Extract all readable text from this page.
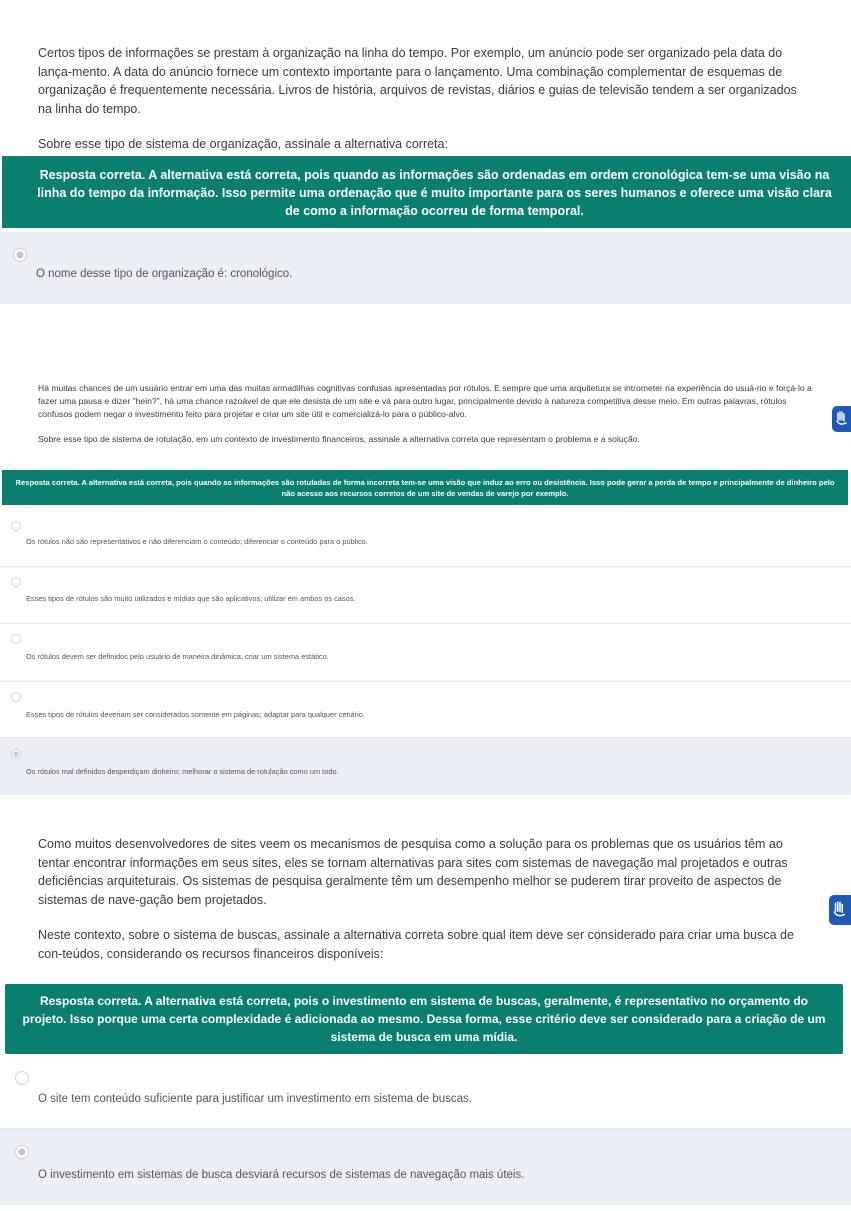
Certos tipos de informações se prestam à organização na linha do tempo. Por exemplo, um anúncio pode ser organizado pela data do lança-mento. A data do anúncio fornece um contexto importante para o lançamento. Uma combinação complementar de esquemas de organização é frequentemente necessária. Livros de história, arquivos de revistas, diários e guias de televisão tendem a ser organizados na linha do tempo.

Sobre esse tipo de sistema de organização, assinale a alternativa correta:

Resposta correta. A alternativa está correta, pois quando as informações são ordenadas em ordem cronológica tem-se uma visão na linha do tempo da informação. Isso permite uma ordenação que é muito importante para os seres humanos e oferece uma visão clara de como a informação ocorreu de forma temporal.
O nome desse tipo de organização é: cronológico.

Há muitas chances de um usuário entrar em uma das muitas armadilhas cognitivas confusas apresentadas por rótulos. E sempre que uma arquitetura se intrometer na experiência do usuá-rio e forçá-lo a fazer uma pausa e dizer "hein?", há uma chance razoável de que ele desista de um site e vá para outro lugar, principalmente devido à natureza competitiva desse meio. Em outras palavras, rótulos confusos podem negar o investimento feito para projetar e criar um site útil e comercializá-lo para o público-alvo.

Sobre esse tipo de sistema de rotulação, em um contexto de investimento financeiros, assinale a alternativa correta que representam o problema e a solução.

Resposta correta. A alternativa está correta, pois quando as informações são rotuladas de forma incorreta tem-se uma visão que induz ao erro ou desistência. Isso pode gerar a perda de tempo e principalmente de dinheiro pelo não acesso aos recursos corretos de um site de vendas de varejo por exemplo.
Os rótulos não são representativos e não diferenciam o conteúdo; diferenciar o conteúdo para o público.
Esses tipos de rótulos são muito utilizados e mídias que são aplicativos; utilizar em ambos os casos.
Os rótulos devem ser definidos pelo usuário de maneira dinâmica; criar um sistema estático.
Esses tipos de rótulos deveriam ser considerados somente em páginas; adaptar para qualquer cenário.
Os rótulos mal definidos desperdiçam dinheiro; melhorar o sistema de rotulação como um todo.

Como muitos desenvolvedores de sites veem os mecanismos de pesquisa como a solução para os problemas que os usuários têm ao tentar encontrar informações em seus sites, eles se tornam alternativas para sites com sistemas de navegação mal projetados e outras deficiências arquiteturais. Os sistemas de pesquisa geralmente têm um desempenho melhor se puderem tirar proveito de aspectos de sistemas de nave-gação bem projetados.

Neste contexto, sobre o sistema de buscas, assinale a alternativa correta sobre qual item deve ser considerado para criar uma busca de con-teúdos, considerando os recursos financeiros disponíveis:

Resposta correta. A alternativa está correta, pois o investimento em sistema de buscas, geralmente, é representativo no orçamento do projeto. Isso porque uma certa complexidade é adicionada ao mesmo. Dessa forma, esse critério deve ser considerado para a criação de um sistema de busca em uma mídia.
O site tem conteúdo suficiente para justificar um investimento em sistema de buscas.
O investimento em sistemas de busca desviará recursos de sistemas de navegação mais úteis.
